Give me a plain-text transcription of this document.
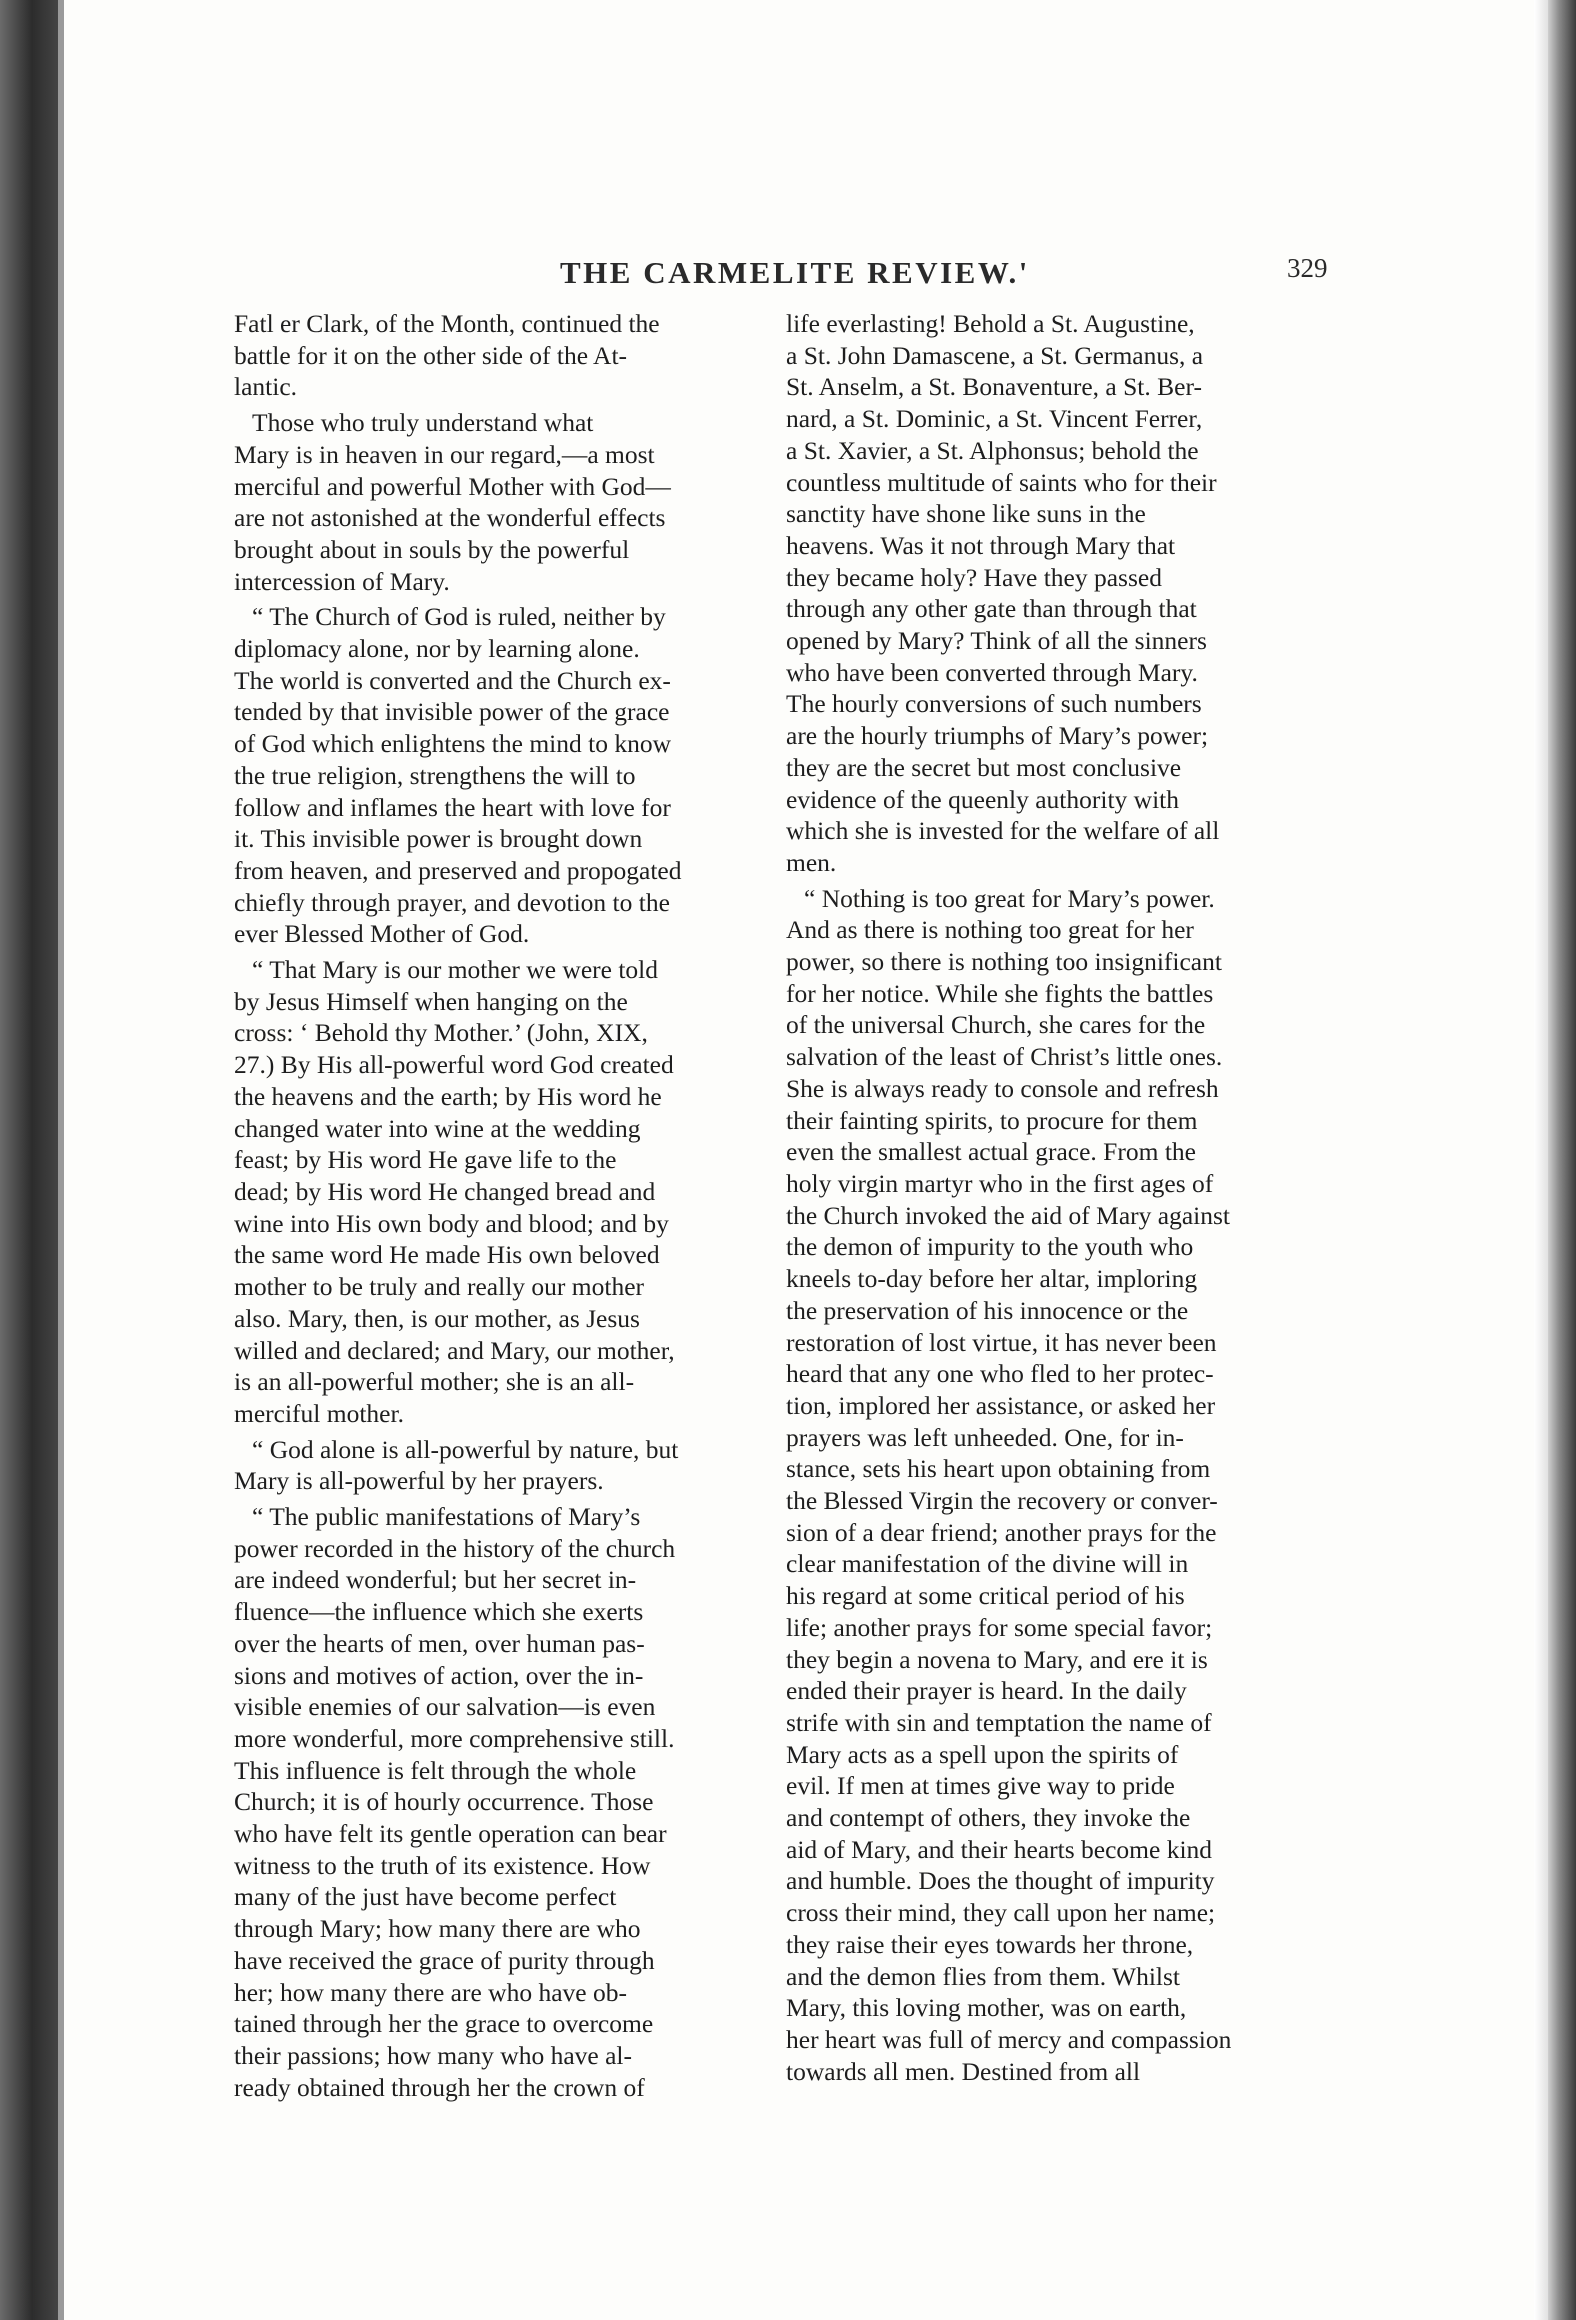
THE CARMELITE REVIEW.'	329

Fatl er Clark, of the Month, continued the
battle for it on the other side of the At-
lantic.

Those who truly understand what
Mary is in heaven in our regard,—a most
merciful and powerful Mother with God—
are not astonished at the wonderful effects
brought about in souls by the powerful
intercession of Mary.

“ The Church of God is ruled, neither by
diplomacy alone, nor by learning alone.
The world is converted and the Church ex-
tended by that invisible power of the grace
of God which enlightens the mind to know
the true religion, strengthens the will to
follow and inflames the heart with love for
it. This invisible power is brought down
from heaven, and preserved and propogated
chiefly through prayer, and devotion to the
ever Blessed Mother of God.

“ That Mary is our mother we were told
by Jesus Himself when hanging on the
cross: ‘ Behold thy Mother.’ (John, XIX,
27.) By His all-powerful word God created
the heavens and the earth; by His word he
changed water into wine at the wedding
feast; by His word He gave life to the
dead; by His word He changed bread and
wine into His own body and blood; and by
the same word He made His own beloved
mother to be truly and really our mother
also. Mary, then, is our mother, as Jesus
willed and declared; and Mary, our mother,
is an all-powerful mother; she is an all-
merciful mother.

“ God alone is all-powerful by nature, but
Mary is all-powerful by her prayers.

“ The public manifestations of Mary’s
power recorded in the history of the church
are indeed wonderful; but her secret in-
fluence—the influence which she exerts
over the hearts of men, over human pas-
sions and motives of action, over the in-
visible enemies of our salvation—is even
more wonderful, more comprehensive still.
This influence is felt through the whole
Church; it is of hourly occurrence. Those
who have felt its gentle operation can bear
witness to the truth of its existence. How
many of the just have become perfect
through Mary; how many there are who
have received the grace of purity through
her; how many there are who have ob-
tained through her the grace to overcome
their passions; how many who have al-
ready obtained through her the crown of

life everlasting! Behold a St. Augustine,
a St. John Damascene, a St. Germanus, a
St. Anselm, a St. Bonaventure, a St. Ber-
nard, a St. Dominic, a St. Vincent Ferrer,
a St. Xavier, a St. Alphonsus; behold the
countless multitude of saints who for their
sanctity have shone like suns in the
heavens. Was it not through Mary that
they became holy? Have they passed
through any other gate than through that
opened by Mary? Think of all the sinners
who have been converted through Mary.
The hourly conversions of such numbers
are the hourly triumphs of Mary’s power;
they are the secret but most conclusive
evidence of the queenly authority with
which she is invested for the welfare of all
men.

“ Nothing is too great for Mary’s power.
And as there is nothing too great for her
power, so there is nothing too insignificant
for her notice. While she fights the battles
of the universal Church, she cares for the
salvation of the least of Christ’s little ones.
She is always ready to console and refresh
their fainting spirits, to procure for them
even the smallest actual grace. From the
holy virgin martyr who in the first ages of
the Church invoked the aid of Mary against
the demon of impurity to the youth who
kneels to-day before her altar, imploring
the preservation of his innocence or the
restoration of lost virtue, it has never been
heard that any one who fled to her protec-
tion, implored her assistance, or asked her
prayers was left unheeded. One, for in-
stance, sets his heart upon obtaining from
the Blessed Virgin the recovery or conver-
sion of a dear friend; another prays for the
clear manifestation of the divine will in
his regard at some critical period of his
life; another prays for some special favor;
they begin a novena to Mary, and ere it is
ended their prayer is heard. In the daily
strife with sin and temptation the name of
Mary acts as a spell upon the spirits of
evil. If men at times give way to pride
and contempt of others, they invoke the
aid of Mary, and their hearts become kind
and humble. Does the thought of impurity
cross their mind, they call upon her name;
they raise their eyes towards her throne,
and the demon flies from them. Whilst
Mary, this loving mother, was on earth,
her heart was full of mercy and compassion
towards all men. Destined from all
